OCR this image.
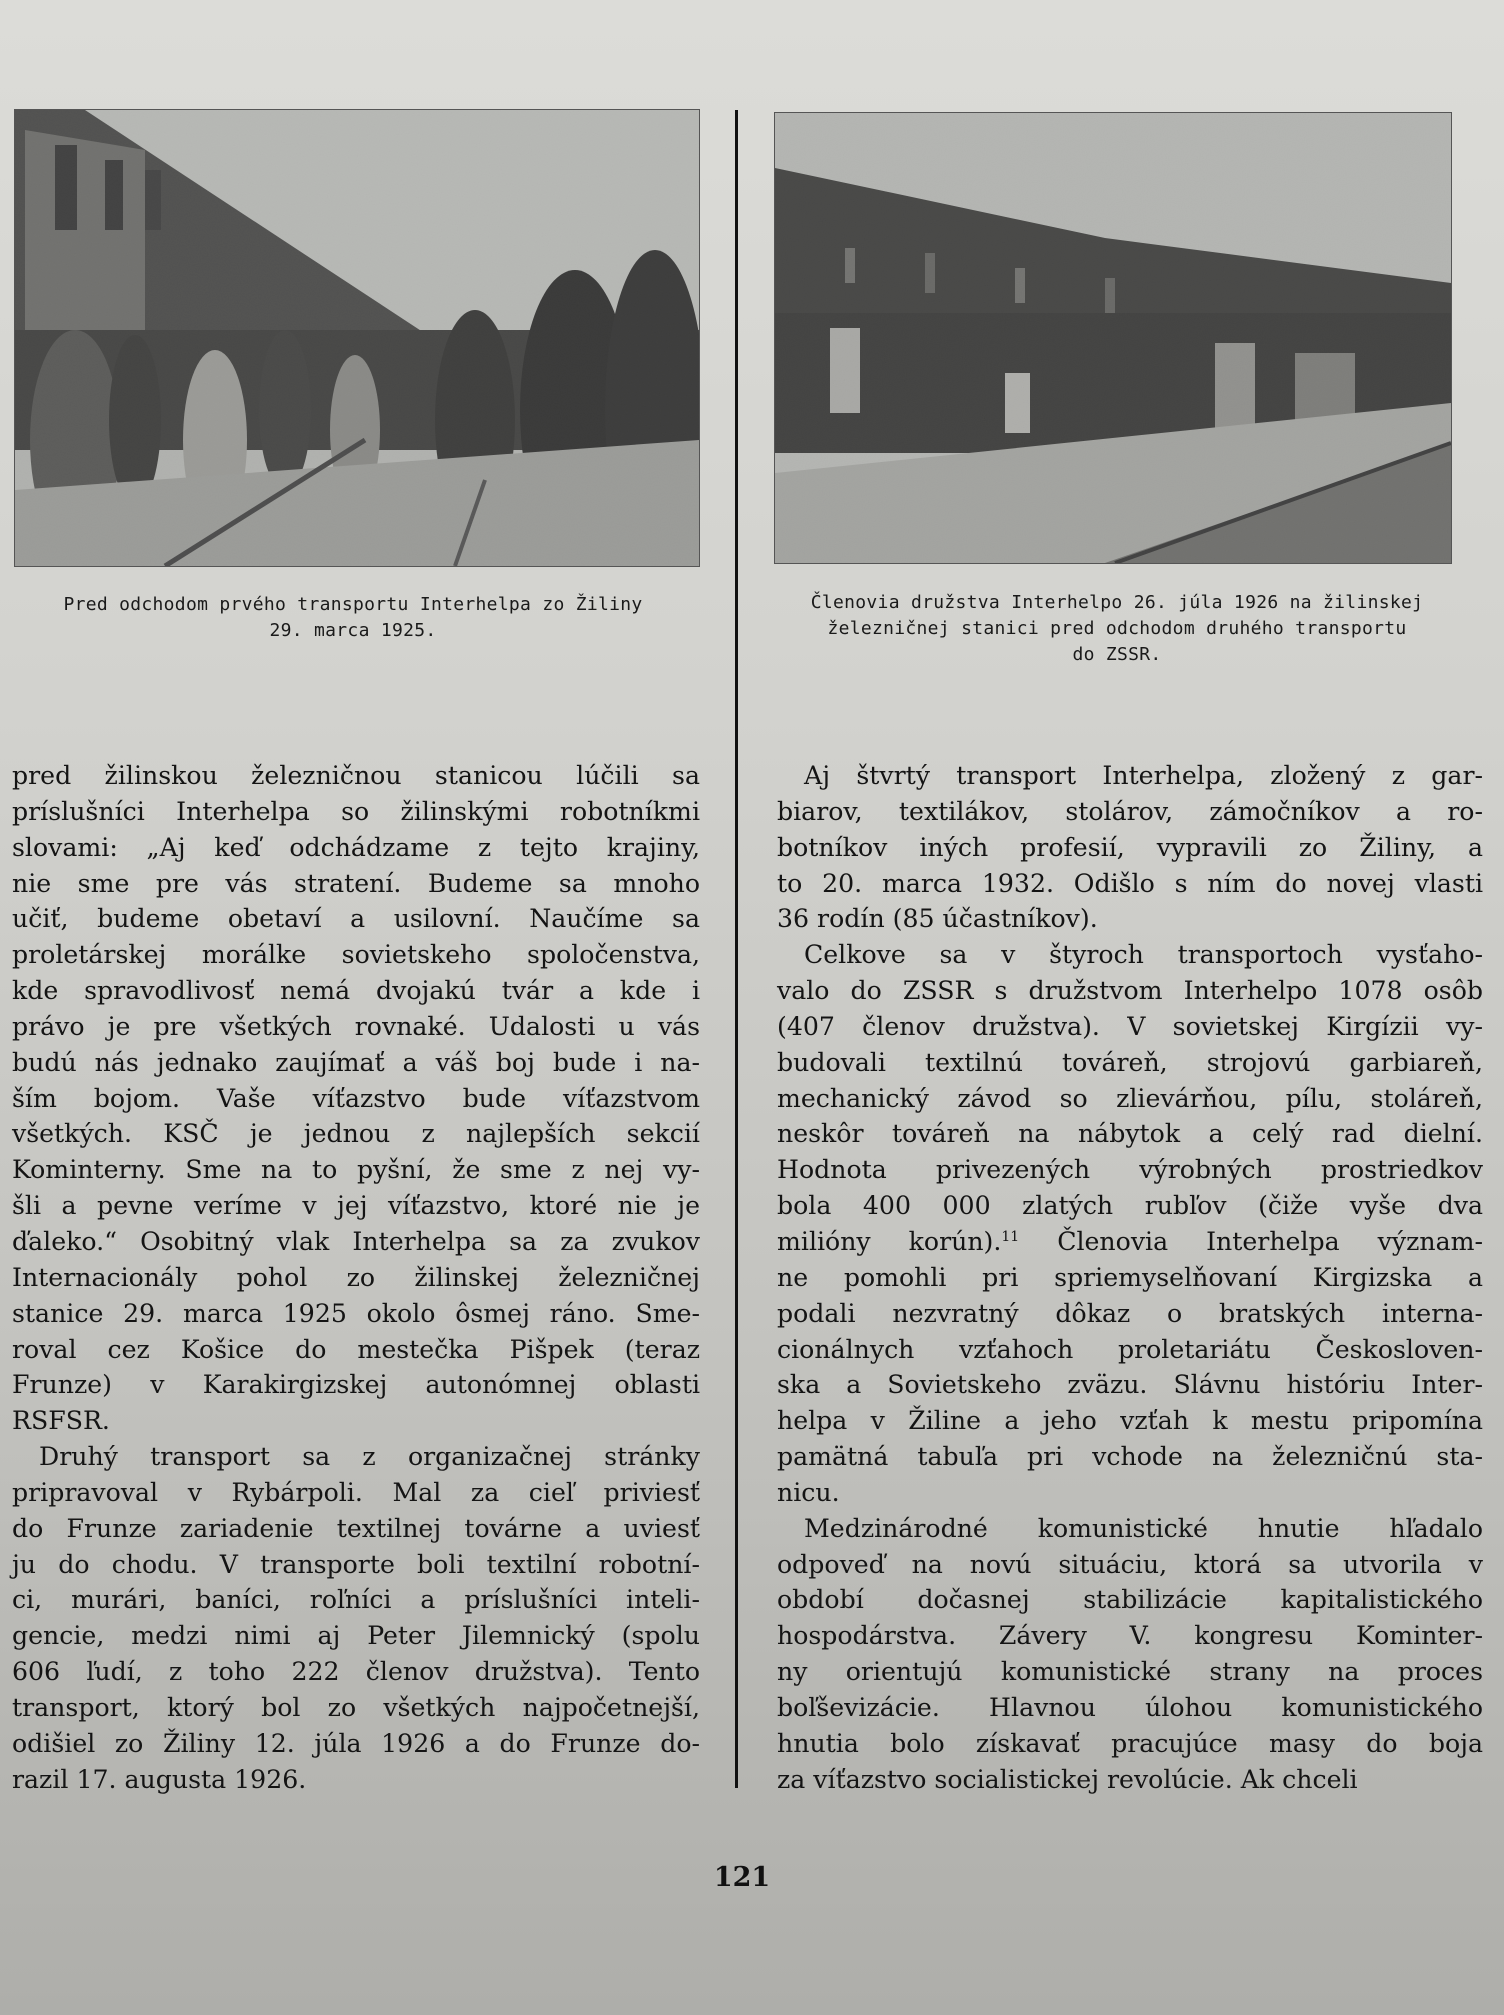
Pred odchodom prvého transportu Interhelpa zo Žiliny
29. marca 1925.
Členovia družstva Interhelpo 26. júla 1926 na žilinskej
železničnej stanici pred odchodom druhého transportu
do ZSSR.
pred žilinskou železničnou stanicou lúčili sa
príslušníci Interhelpa so žilinskými robotníkmi
slovami: „Aj keď odchádzame z tejto krajiny,
nie sme pre vás stratení. Budeme sa mnoho
učiť, budeme obetaví a usilovní. Naučíme sa
proletárskej morálke sovietskeho spoločenstva,
kde spravodlivosť nemá dvojakú tvár a kde i
právo je pre všetkých rovnaké. Udalosti u vás
budú nás jednako zaujímať a váš boj bude i na-
ším bojom. Vaše víťazstvo bude víťazstvom
všetkých. KSČ je jednou z najlepších sekcií
Kominterny. Sme na to pyšní, že sme z nej vy-
šli a pevne veríme v jej víťazstvo, ktoré nie je
ďaleko.“ Osobitný vlak Interhelpa sa za zvukov
Internacionály pohol zo žilinskej železničnej
stanice 29. marca 1925 okolo ôsmej ráno. Sme-
roval cez Košice do mestečka Pišpek (teraz
Frunze) v Karakirgizskej autonómnej oblasti
RSFSR.
Druhý transport sa z organizačnej stránky
pripravoval v Rybárpoli. Mal za cieľ priviesť
do Frunze zariadenie textilnej továrne a uviesť
ju do chodu. V transporte boli textilní robotní-
ci, murári, baníci, roľníci a príslušníci inteli-
gencie, medzi nimi aj Peter Jilemnický (spolu
606 ľudí, z toho 222 členov družstva). Tento
transport, ktorý bol zo všetkých najpočetnejší,
odišiel zo Žiliny 12. júla 1926 a do Frunze do-
razil 17. augusta 1926.
Aj štvrtý transport Interhelpa, zložený z gar-
biarov, textilákov, stolárov, zámočníkov a ro-
botníkov iných profesií, vypravili zo Žiliny, a
to 20. marca 1932. Odišlo s ním do novej vlasti
36 rodín (85 účastníkov).
Celkove sa v štyroch transportoch vysťaho-
valo do ZSSR s družstvom Interhelpo 1078 osôb
(407 členov družstva). V sovietskej Kirgízii vy-
budovali textilnú továreň, strojovú garbiareň,
mechanický závod so zlievárňou, pílu, stoláreň,
neskôr továreň na nábytok a celý rad dielní.
Hodnota privezených výrobných prostriedkov
bola 400 000 zlatých rubľov (čiže vyše dva
milióny korún).$^{11}$ Členovia Interhelpa význam-
ne pomohli pri spriemyselňovaní Kirgizska a
podali nezvratný dôkaz o bratských interna-
cionálnych vzťahoch proletariátu Českosloven-
ska a Sovietskeho zväzu. Slávnu históriu Inter-
helpa v Žiline a jeho vzťah k mestu pripomína
pamätná tabuľa pri vchode na železničnú sta-
nicu.
Medzinárodné komunistické hnutie hľadalo
odpoveď na novú situáciu, ktorá sa utvorila v
období dočasnej stabilizácie kapitalistického
hospodárstva. Závery V. kongresu Kominter-
ny orientujú komunistické strany na proces
boľševizácie. Hlavnou úlohou komunistického
hnutia bolo získavať pracujúce masy do boja
za víťazstvo socialistickej revolúcie. Ak chceli
121
